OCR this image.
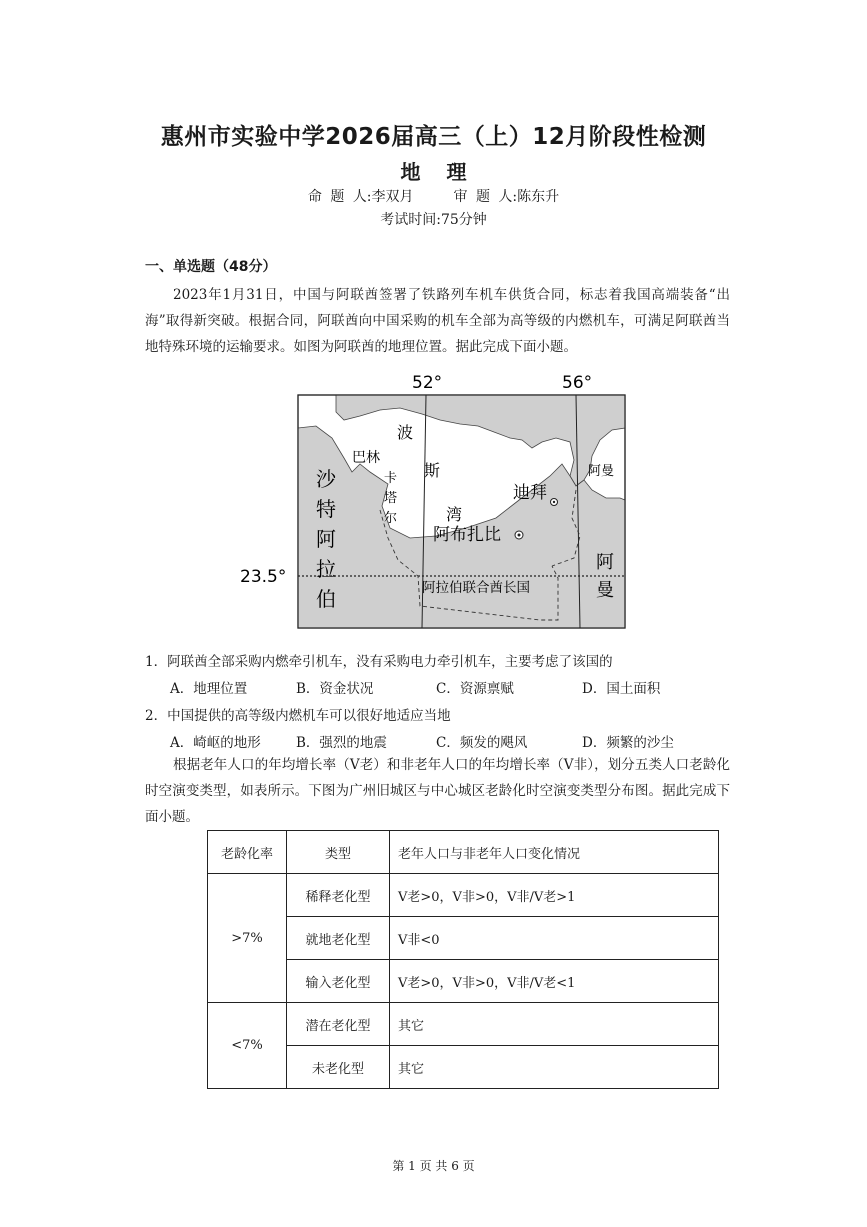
惠州市实验中学2026届高三（上）12月阶段性检测
地理
命 题 人:李双月	审 题 人:陈东升
考试时间:75分钟
一、单选题（48分）

2023年1月31日，中国与阿联酋签署了铁路列车机车供货合同，标志着我国高端装备“出海”取得新突破。根据合同，阿联酋向中国采购的机车全部为高等级的内燃机车，可满足阿联酋当地特殊环境的运输要求。如图为阿联酋的地理位置。据此完成下面小题。

52°	56°
23.5°
波
斯
湾
巴林
卡
塔
尔
沙
特
阿
拉
伯
迪拜
阿布扎比
阿曼
阿
曼
阿拉伯联合酋长国
1．阿联酋全部采购内燃牵引机车，没有采购电力牵引机车，主要考虑了该国的
A．地理位置	B．资金状况	C．资源禀赋	D．国土面积
2．中国提供的高等级内燃机车可以很好地适应当地
A．崎岖的地形	B．强烈的地震	C．频发的飓风	D．频繁的沙尘

根据老年人口的年均增长率（V老）和非老年人口的年均增长率（V非），划分五类人口老龄化时空演变类型，如表所示。下图为广州旧城区与中心城区老龄化时空演变类型分布图。据此完成下面小题。

老龄化率	类型	老年人口与非老年人口变化情况
>7%	稀释老化型	V老>0，V非>0，V非/V老>1
	就地老化型	V非<0
	输入老化型	V老>0，V非>0，V非/V老<1
<7%	潜在老化型	其它
	未老化型	其它
第 1 页 共 6 页
